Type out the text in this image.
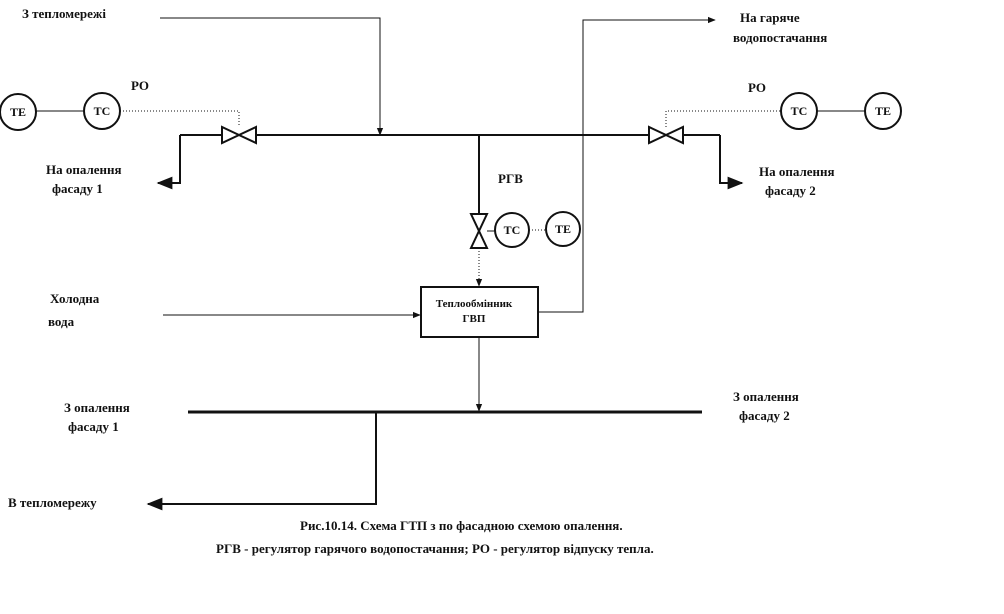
ТЕ	ТС	ТС	ТЕ
ТС	ТЕ
Теплообмінник
ГВП
З тепломережі	На гаряче
водопостачання
РО	РО
На опалення
фасаду 1
На опалення
фасаду 2
РГВ
Холодна
вода
З опалення
фасаду 1
З опалення
фасаду 2
В тепломережу
Рис.10.14. Схема ГТП з по фасадною схемою опалення.
РГВ - регулятор гарячого водопостачання; РО - регулятор відпуску тепла.
